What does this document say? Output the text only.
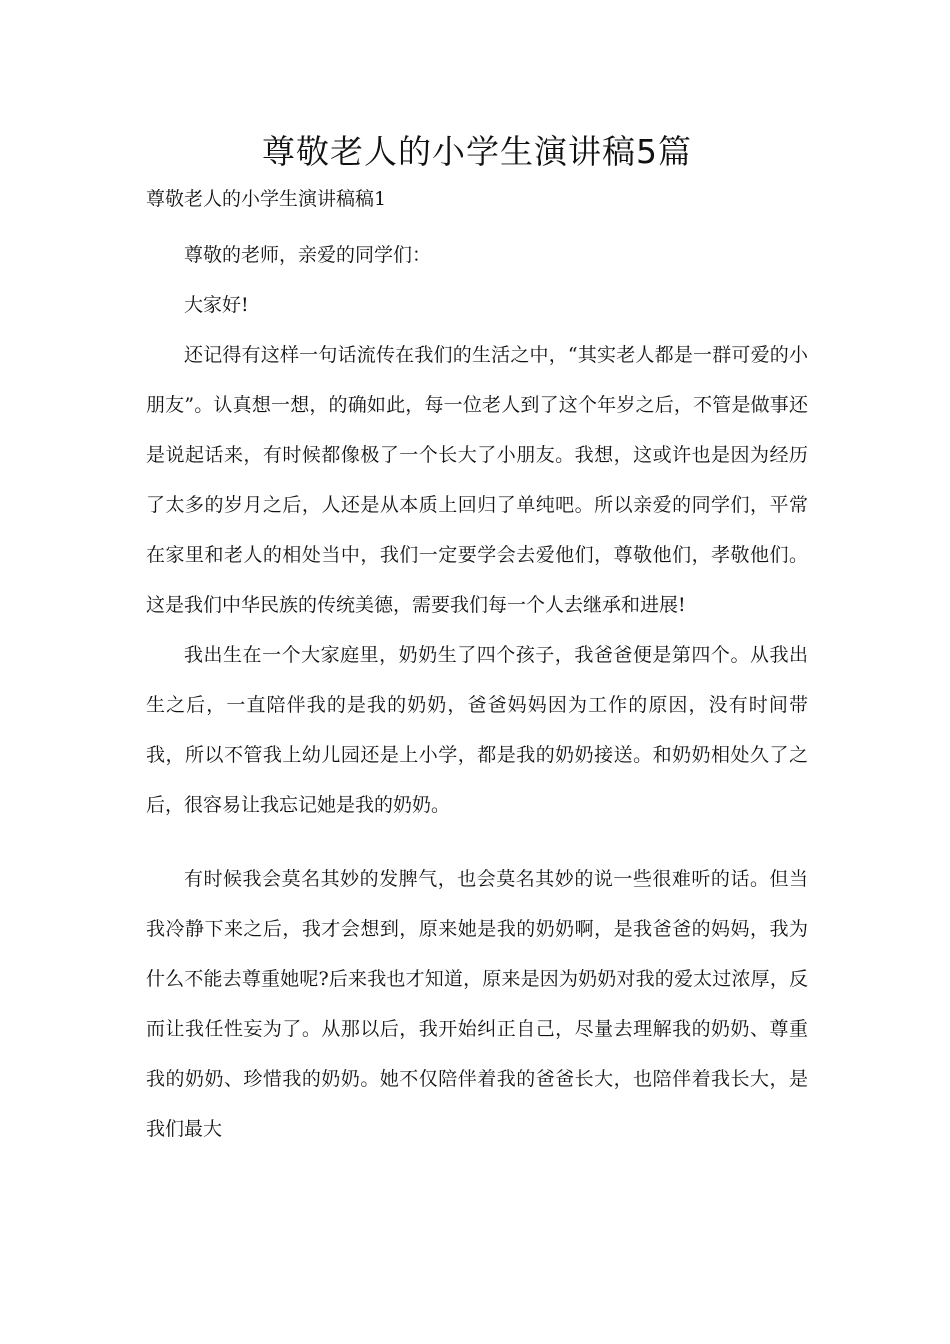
尊敬老人的小学生演讲稿5篇
尊敬老人的小学生演讲稿稿1

尊敬的老师，亲爱的同学们：

大家好!

还记得有这样一句话流传在我们的生活之中，“其实老人都是一群可爱的小朋友”。认真想一想，的确如此，每一位老人到了这个年岁之后，不管是做事还是说起话来，有时候都像极了一个长大了小朋友。我想，这或许也是因为经历了太多的岁月之后，人还是从本质上回归了单纯吧。所以亲爱的同学们，平常在家里和老人的相处当中，我们一定要学会去爱他们，尊敬他们，孝敬他们。这是我们中华民族的传统美德，需要我们每一个人去继承和进展!

我出生在一个大家庭里，奶奶生了四个孩子，我爸爸便是第四个。从我出生之后，一直陪伴我的是我的奶奶，爸爸妈妈因为工作的原因，没有时间带我，所以不管我上幼儿园还是上小学，都是我的奶奶接送。和奶奶相处久了之后，很容易让我忘记她是我的奶奶。

有时候我会莫名其妙的发脾气，也会莫名其妙的说一些很难听的话。但当我冷静下来之后，我才会想到，原来她是我的奶奶啊，是我爸爸的妈妈，我为什么不能去尊重她呢?后来我也才知道，原来是因为奶奶对我的爱太过浓厚，反而让我任性妄为了。从那以后，我开始纠正自己，尽量去理解我的奶奶、尊重我的奶奶、珍惜我的奶奶。她不仅陪伴着我的爸爸长大，也陪伴着我长大，是我们最大
